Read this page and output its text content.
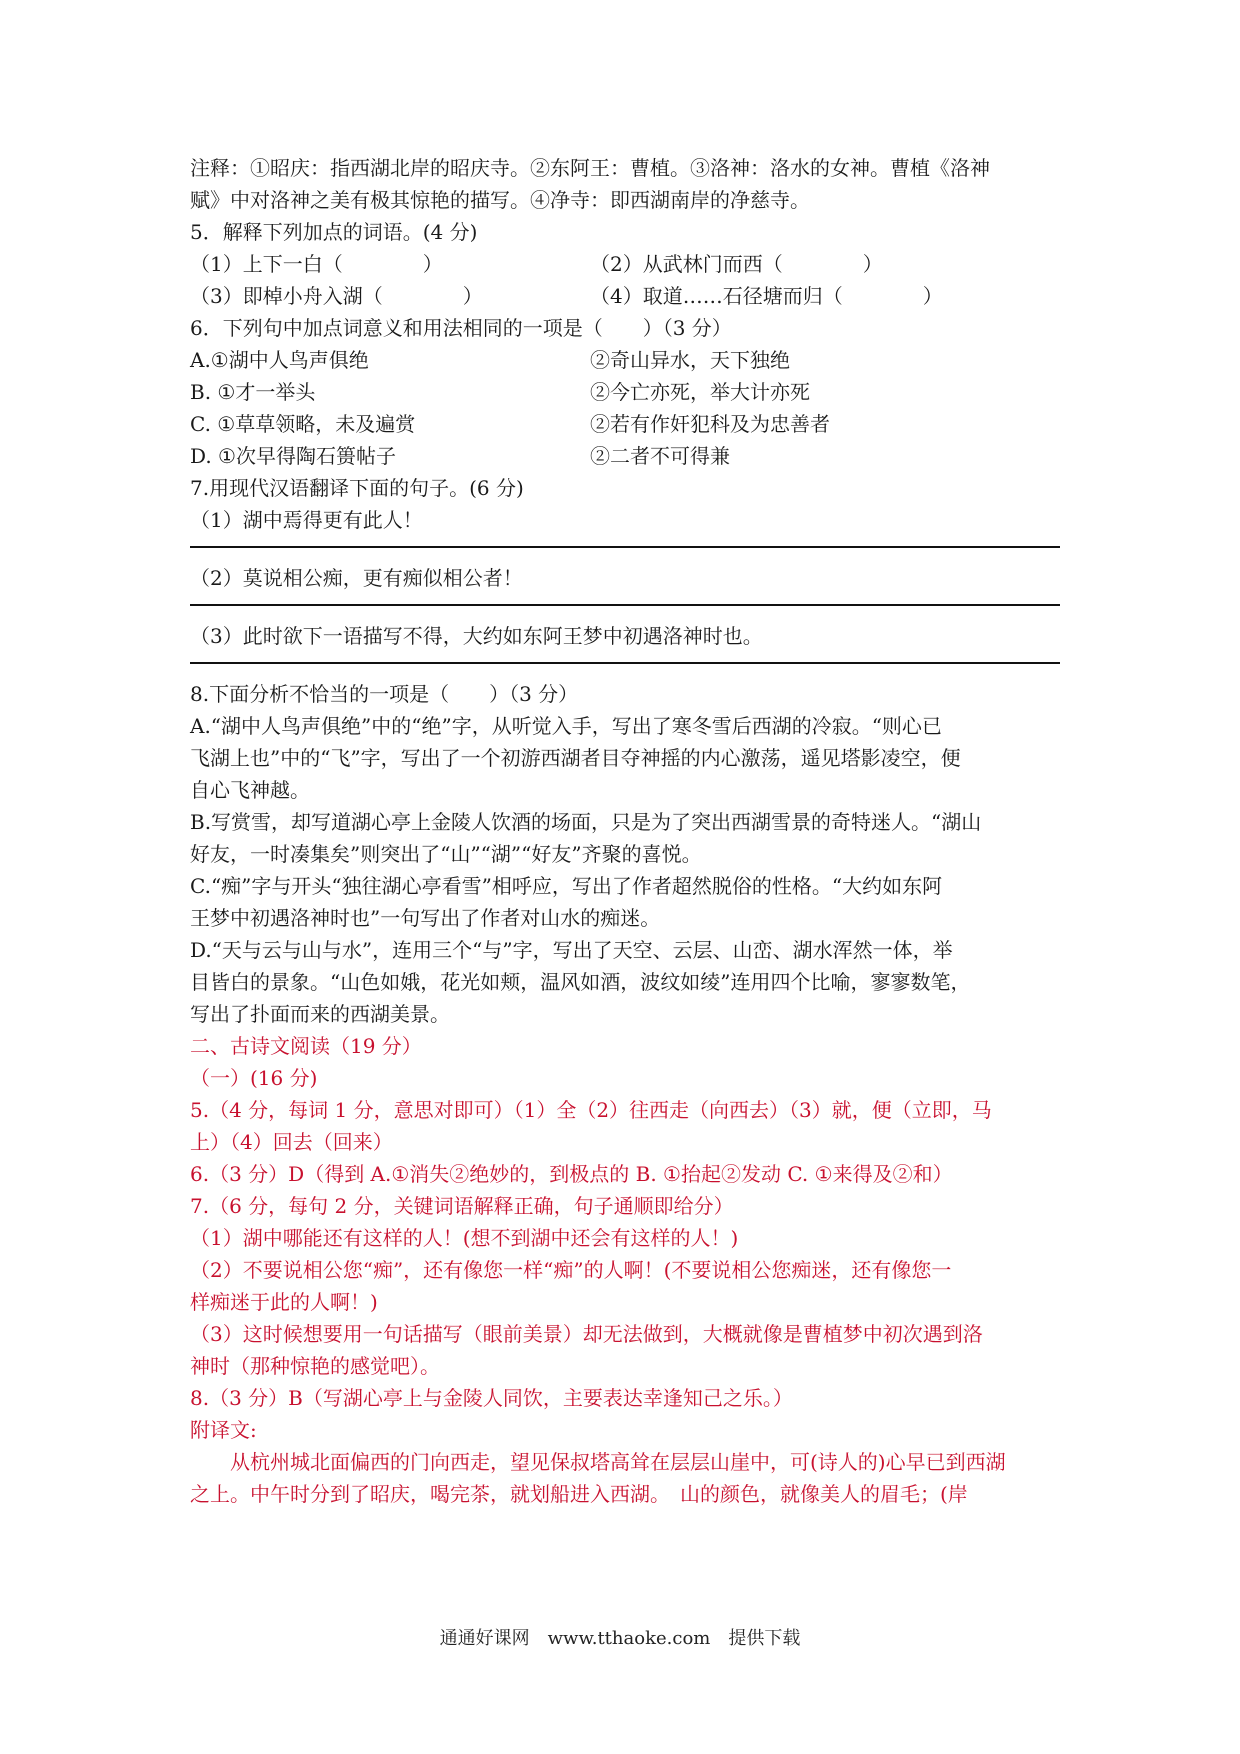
注释：①昭庆：指西湖北岸的昭庆寺。②东阿王：曹植。③洛神：洛水的女神。曹植《洛神
赋》中对洛神之美有极其惊艳的描写。④净寺：即西湖南岸的净慈寺。
5．解释下列加点的词语。(4 分)
（1）上下一白（　　　　）	（2）从武林门而西（　　　　）
（3）即棹小舟入湖（　　　　）	（4）取道……石径塘而归（　　　　）
6．下列句中加点词意义和用法相同的一项是（　　）（3 分）
A.①湖中人鸟声俱绝	②奇山异水，天下独绝
B. ①才一举头	②今亡亦死，举大计亦死
C. ①草草领略，未及遍赏	②若有作奸犯科及为忠善者
D. ①次早得陶石篑帖子	②二者不可得兼
7.用现代汉语翻译下面的句子。(6 分)
（1）湖中焉得更有此人！
（2）莫说相公痴，更有痴似相公者！
（3）此时欲下一语描写不得，大约如东阿王梦中初遇洛神时也。
8.下面分析不恰当的一项是（　　）（3 分）
A.“湖中人鸟声俱绝”中的“绝”字，从听觉入手，写出了寒冬雪后西湖的冷寂。“则心已
飞湖上也”中的“飞”字，写出了一个初游西湖者目夺神摇的内心激荡，遥见塔影凌空，便
自心飞神越。
B.写赏雪，却写道湖心亭上金陵人饮酒的场面，只是为了突出西湖雪景的奇特迷人。“湖山
好友，一时凑集矣”则突出了“山”“湖”“好友”齐聚的喜悦。
C.“痴”字与开头“独往湖心亭看雪”相呼应，写出了作者超然脱俗的性格。“大约如东阿
王梦中初遇洛神时也”一句写出了作者对山水的痴迷。
D.“天与云与山与水”，连用三个“与”字，写出了天空、云层、山峦、湖水浑然一体，举
目皆白的景象。“山色如娥，花光如颊，温风如酒，波纹如绫”连用四个比喻，寥寥数笔，
写出了扑面而来的西湖美景。
二、古诗文阅读（19 分）
（一）(16 分)
5.（4 分，每词 1 分，意思对即可）（1）全（2）往西走（向西去）（3）就，便（立即，马
上）（4）回去（回来）
6.（3 分）D（得到 A.①消失②绝妙的，到极点的 B. ①抬起②发动 C. ①来得及②和）
7.（6 分，每句 2 分，关键词语解释正确，句子通顺即给分）
（1）湖中哪能还有这样的人！(想不到湖中还会有这样的人！)
（2）不要说相公您“痴”，还有像您一样“痴”的人啊！(不要说相公您痴迷，还有像您一
样痴迷于此的人啊！)
（3）这时候想要用一句话描写（眼前美景）却无法做到，大概就像是曹植梦中初次遇到洛
神时（那种惊艳的感觉吧）。
8.（3 分）B（写湖心亭上与金陵人同饮，主要表达幸逢知己之乐。）
附译文:
从杭州城北面偏西的门向西走，望见保叔塔高耸在层层山崖中，可(诗人的)心早已到西湖
之上。中午时分到了昭庆，喝完茶，就划船进入西湖。　山的颜色，就像美人的眉毛；(岸
通通好课网　www.tthaoke.com　提供下载
